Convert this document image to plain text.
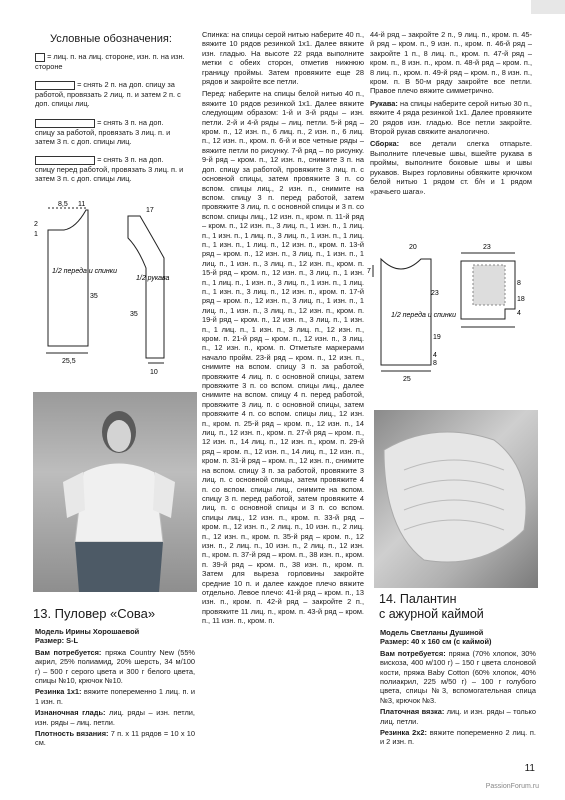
Условные обозначения:
= лиц. п. на лиц. стороне, изн. п. на изн. стороне
= снять 2 п. на доп. спицу за работой, провязать 2 лиц. п. и затем 2 п. с доп. спицы лиц.
= снять 3 п. на доп. спицу за работой, провязать 3 лиц. п. и затем 3 п. с доп. спицы лиц.
= снять 3 п. на доп. спицу перед работой, провязать 3 лиц. п. и затем 3 п. с доп. спицы лиц.
8,5 11
17
2
1
1/2 переда и спинки
1/2 рукава
35
35
25,5
10
13. Пуловер «Сова»
Модель Ирины Хорошаевой
Размер: S-L
Вам потребуется: пряжа Country New (55% акрил, 25% полиамид, 20% шерсть, 34 м/100 г) – 500 г серого цвета и 300 г белого цвета, спицы №10, крючок №10.
Резинка 1х1: вяжите попеременно 1 лиц. п. и 1 изн. п.
Изнаночная гладь: лиц. ряды – изн. петли, изн. ряды – лиц. петли.
Плотность вязания: 7 п. х 11 рядов = 10 х 10 см.
Спинка: на спицы серой нитью наберите 40 п., вяжите 10 рядов резинкой 1х1. Далее вяжите изн. гладью. На высоте 22 ряда выполните метки с обеих сторон, отметив нижнюю границу проймы. Затем провяжите еще 28 рядов и закройте все петли.
Перед: наберите на спицы белой нитью 40 п., вяжите 10 рядов резинкой 1х1. Далее вяжите следующим образом: 1-й и 3-й ряды – изн. петли. 2-й и 4-й ряды – лиц. петли. 5-й ряд – кром. п., 12 изн. п., 6 лиц. п., 2 изн. п., 6 лиц. п., 12 изн. п., кром. п. 6-й и все четные ряды – вяжите петли по рисунку. 7-й ряд – по рисунку. 9-й ряд – кром. п., 12 изн. п., снимите 3 п. на доп. спицу за работой, провяжите 3 лиц. п. с основной спицы, затем провяжите 3 п. со вспом. спицы лиц., 2 изн. п., снимите на вспом. спицу 3 п. перед работой, затем провяжите 3 лиц. п. с основной спицы и 3 п. со вспом. спицы лиц., 12 изн. п., кром. п. 11-й ряд – кром. п., 12 изн. п., 3 лиц. п., 1 изн. п., 1 лиц. п., 1 изн. п., 1 лиц. п., 3 лиц. п., 1 изн. п., 1 лиц. п., 1 изн. п., 1 лиц. п., 12 изн. п., кром. п. 13-й ряд – кром. п., 12 изн. п., 3 лиц. п., 1 изн. п., 1 лиц. п., 1 изн. п., 3 лиц. п., 12 изн. п., кром. п. 15-й ряд – кром. п., 12 изн. п., 3 лиц. п., 1 изн. п., 1 лиц. п., 1 изн. п., 3 лиц. п., 1 изн. п., 1 лиц. п., 1 изн. п., 3 лиц. п., 12 изн. п., кром. п. 17-й ряд – кром. п., 12 изн. п., 3 лиц. п., 1 изн. п., 1 лиц. п., 1 изн. п., 3 лиц. п., 12 изн. п., кром. п. 19-й ряд – кром. п., 12 изн. п., 3 лиц. п., 1 изн. п., 1 лиц. п., 1 изн. п., 3 лиц. п., 12 изн. п., кром. п. 21-й ряд – кром. п., 12 изн. п., 3 лиц. п., 12 изн. п., кром. п. Отметьте маркерами начало пройм. 23-й ряд – кром. п., 12 изн. п., снимите на вспом. спицу 3 п. за работой, провяжите 4 лиц. п. с основной спицы, затем провяжите 3 п. со вспом. спицы лиц., далее снимите на вспом. спицу 4 п. перед работой, провяжите 3 лиц. п. с основной спицы, затем провяжите 4 п. со вспом. спицы лиц., 12 изн. п., кром. п. 25-й ряд – кром. п., 12 изн. п., 14 лиц. п., 12 изн. п., кром. п. 27-й ряд – кром. п., 12 изн. п., 14 лиц. п., 12 изн. п., кром. п. 29-й ряд – кром. п., 12 изн. п., 14 лиц. п., 12 изн. п., кром. п. 31-й ряд – кром. п., 12 изн. п., снимите на вспом. спицу 3 п. за работой, провяжите 3 лиц. п. с основной спицы, затем провяжите 4 п. со вспом. спицы лиц., снимите на вспом. спицу 3 п. перед работой, затем провяжите 4 лиц. п. с основной спицы и 3 п. со вспом. спицы лиц., 12 изн. п., кром. п. 33-й ряд – кром. п., 12 изн. п., 2 лиц. п., 10 изн. п., 2 лиц. п., 12 изн. п., кром. п. 35-й ряд – кром. п., 12 изн. п., 2 лиц. п., 10 изн. п., 2 лиц. п., 12 изн. п., кром. п. 37-й ряд – кром. п., 38 изн. п., кром. п. 39-й ряд – кром. п., 38 изн. п., кром. п. Затем для выреза горловины закройте средние 10 п. и далее каждое плечо вяжите отдельно. Левое плечо: 41-й ряд – кром. п., 13 изн. п., кром. п. 42-й ряд – закройте 2 п., провяжите 11 лиц. п., кром. п. 43-й ряд – кром. п., 11 изн. п., кром. п.
44-й ряд – закройте 2 п., 9 лиц. п., кром. п. 45-й ряд – кром. п., 9 изн. п., кром. п. 46-й ряд – закройте 1 п., 8 лиц. п., кром. п. 47-й ряд – кром. п., 8 изн. п., кром. п. 48-й ряд – кром. п., 8 лиц. п., кром. п. 49-й ряд – кром. п., 8 изн. п., кром. п. В 50-м ряду закройте все петли. Правое плечо вяжите симметрично.
Рукава: на спицы наберите серой нитью 30 п., вяжите 4 ряда резинкой 1х1. Далее провяжите 20 рядов изн. гладью. Все петли закройте. Второй рукав свяжите аналогично.
Сборка: все детали слегка отпарьте. Выполните плечевые швы, вшейте рукава в проймы, выполните боковые швы и швы рукавов. Вырез горловины обвяжите крючком белой нитью 1 рядом ст. б/н и 1 рядом «рачьего шага».
7
20	23
23
1/2 переда и спинки
19
25
8
4
18
8
4
14. Палантин
с ажурной каймой
Модель Светланы Душиной
Размер: 40 х 160 см (с каймой)
Вам потребуется: пряжа (70% хлопок, 30% вискоза, 400 м/100 г) – 150 г цвета слоновой кости, пряжа Baby Cotton (60% хлопок, 40% полиакрил, 225 м/50 г) – 100 г голубого цвета, спицы №3, вспомогательная спица №3, крючок №3.
Платочная вязка: лиц. и изн. ряды – только лиц. петли.
Резинка 2х2: вяжите попеременно 2 лиц. п. и 2 изн. п.
11
PassionForum.ru
